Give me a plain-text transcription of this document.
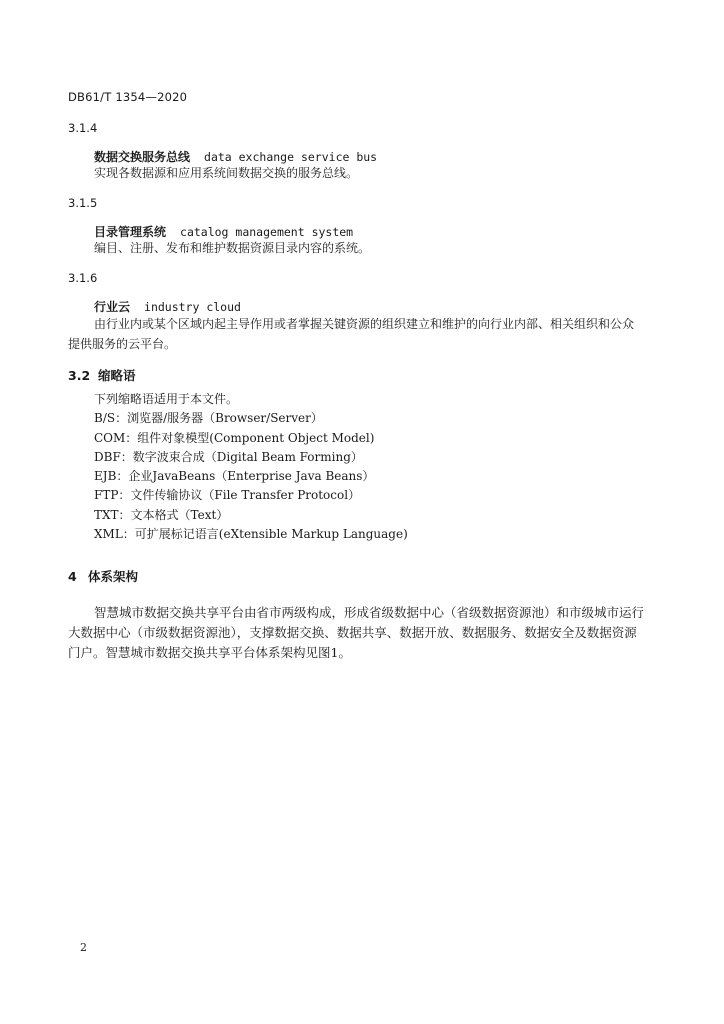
DB61/T 1354—2020
3.1.4
数据交换服务总线 data exchange service bus
实现各数据源和应用系统间数据交换的服务总线。
3.1.5
目录管理系统 catalog management system
编目、注册、发布和维护数据资源目录内容的系统。
3.1.6
行业云 industry cloud
由行业内或某个区域内起主导作用或者掌握关键资源的组织建立和维护的向行业内部、相关组织和公众提供服务的云平台。
3.2 缩略语
下列缩略语适用于本文件。
B/S：浏览器/服务器（Browser/Server）
COM：组件对象模型(Component Object Model)
DBF：数字波束合成（Digital Beam Forming）
EJB：企业JavaBeans（Enterprise Java Beans）
FTP：文件传输协议（File Transfer Protocol）
TXT：文本格式（Text）
XML：可扩展标记语言(eXtensible Markup Language)
4 体系架构
智慧城市数据交换共享平台由省市两级构成，形成省级数据中心（省级数据资源池）和市级城市运行大数据中心（市级数据资源池），支撑数据交换、数据共享、数据开放、数据服务、数据安全及数据资源门户。智慧城市数据交换共享平台体系架构见图1。
2
